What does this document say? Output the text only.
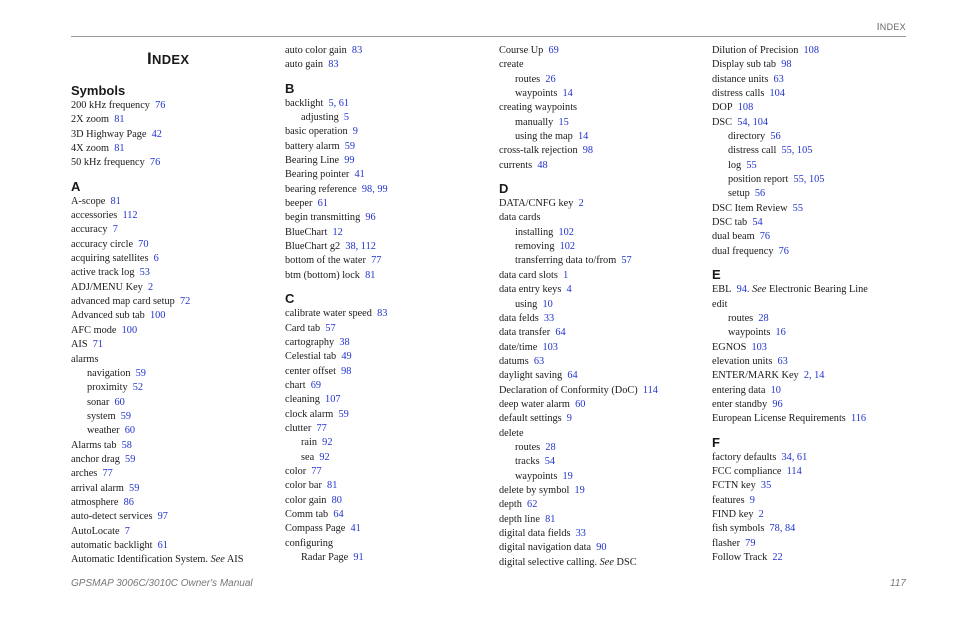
INDEX
INDEX
Symbols
200 kHz frequency 76
2X zoom 81
3D Highway Page 42
4X zoom 81
50 kHz frequency 76
A
A-scope 81
accessories 112
accuracy 7
accuracy circle 70
acquiring satellites 6
active track log 53
ADJ/MENU Key 2
advanced map card setup 72
Advanced sub tab 100
AFC mode 100
AIS 71
alarms
navigation 59
proximity 52
sonar 60
system 59
weather 60
Alarms tab 58
anchor drag 59
arches 77
arrival alarm 59
atmosphere 86
auto-detect services 97
AutoLocate 7
automatic backlight 61
Automatic Identification System. See AIS
auto color gain 83
auto gain 83
B
backlight 5, 61
adjusting 5
basic operation 9
battery alarm 59
Bearing Line 99
Bearing pointer 41
bearing reference 98, 99
beeper 61
begin transmitting 96
BlueChart 12
BlueChart g2 38, 112
bottom of the water 77
btm (bottom) lock 81
C
calibrate water speed 83
Card tab 57
cartography 38
Celestial tab 49
center offset 98
chart 69
cleaning 107
clock alarm 59
clutter 77
rain 92
sea 92
color 77
color bar 81
color gain 80
Comm tab 64
Compass Page 41
configuring
Radar Page 91
Course Up 69
create
routes 26
waypoints 14
creating waypoints
manually 15
using the map 14
cross-talk rejection 98
currents 48
D
DATA/CNFG key 2
data cards
installing 102
removing 102
transferring data to/from 57
data card slots 1
data entry keys 4
using 10
data felds 33
data transfer 64
date/time 103
datums 63
daylight saving 64
Declaration of Conformity (DoC) 114
deep water alarm 60
default settings 9
delete
routes 28
tracks 54
waypoints 19
delete by symbol 19
depth 62
depth line 81
digital data fields 33
digital navigation data 90
digital selective calling. See DSC
Dilution of Precision 108
Display sub tab 98
distance units 63
distress calls 104
DOP 108
DSC 54, 104
directory 56
distress call 55, 105
log 55
position report 55, 105
setup 56
DSC Item Review 55
DSC tab 54
dual beam 76
dual frequency 76
E
EBL 94. See Electronic Bearing Line
edit
routes 28
waypoints 16
EGNOS 103
elevation units 63
ENTER/MARK Key 2, 14
entering data 10
enter standby 96
European License Requirements 116
F
factory defaults 34, 61
FCC compliance 114
FCTN key 35
features 9
FIND key 2
fish symbols 78, 84
flasher 79
Follow Track 22
GPSMAP 3006C/3010C Owner's Manual	117
